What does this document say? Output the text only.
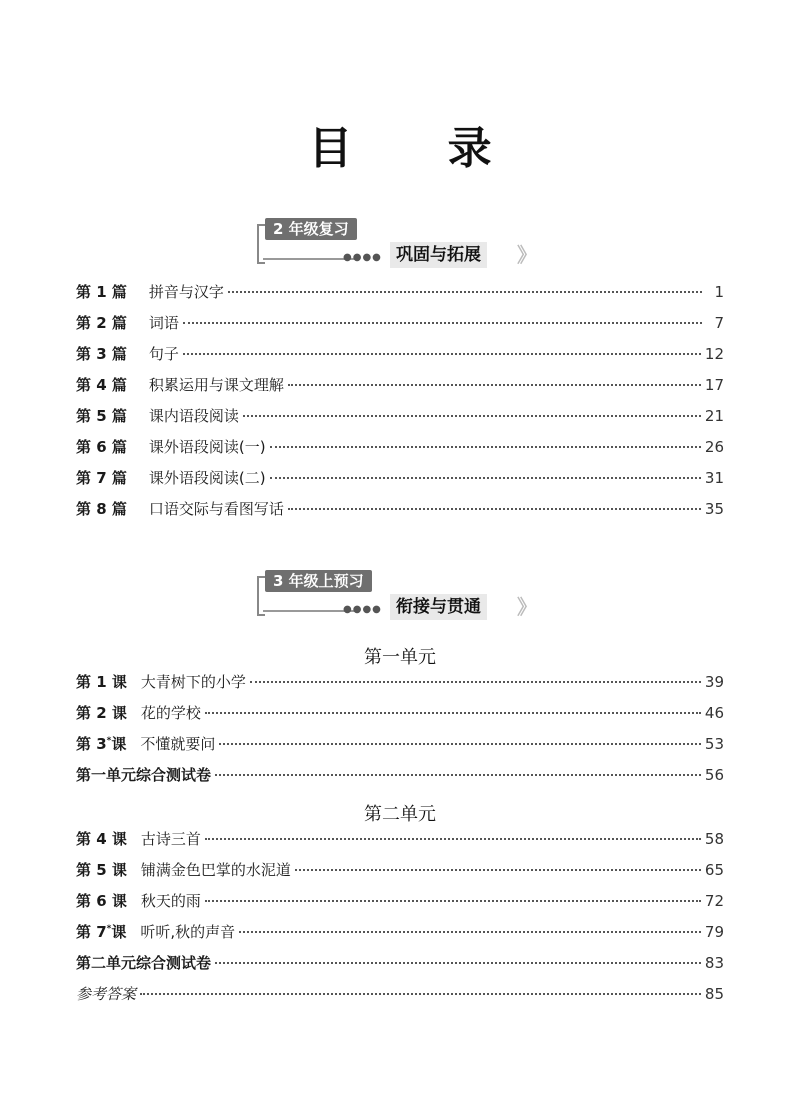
目 录
2 年级复习
●●●● 巩固与拓展	》
第 1 篇	拼音与汉字	1
第 2 篇	词语	7
第 3 篇	句子	12
第 4 篇	积累运用与课文理解	17
第 5 篇	课内语段阅读	21
第 6 篇	课外语段阅读(一)	26
第 7 篇	课外语段阅读(二)	31
第 8 篇	口语交际与看图写话	35
3 年级上预习
●●●● 衔接与贯通	》
第一单元
第 1 课 大青树下的小学	39
第 2 课 花的学校	46
第 3*课 不懂就要问	53
第一单元综合测试卷	56
第二单元
第 4 课 古诗三首	58
第 5 课 铺满金色巴掌的水泥道	65
第 6 课 秋天的雨	72
第 7*课 听听,秋的声音	79
第二单元综合测试卷	83
参考答案	85
